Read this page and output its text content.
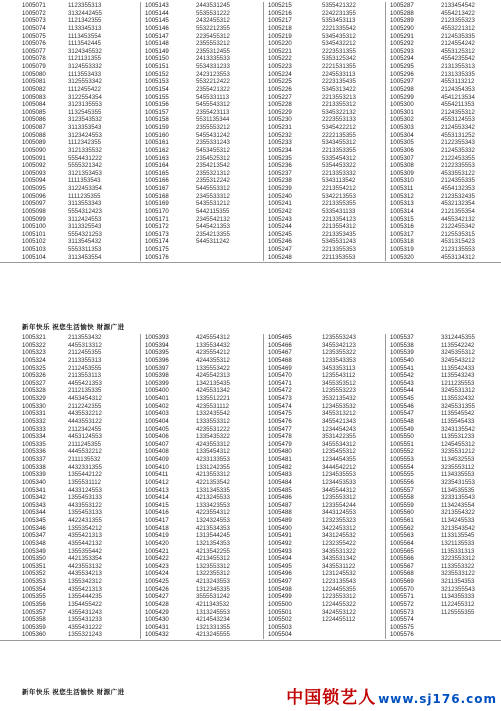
1005071	1123355313	1005143	2443531245	1005215	5355421322	1005287	2133454542
1005072	3132442455	1005144	5535531222	1005216	2242231355	1005288	4554213422
1005073	1121342355	1005145	2432455312	1005217	5353453113	1005289	2123355323
1005074	1133345313	1005146	5532212355	1005218	2221335542	1005290	4553221312
1005075	1113453554	1005147	2235455312	1005219	5345435312	1005291	2124535335
1005076	1113542445	1005148	2355553212	1005220	5345432212	1005292	2124554242
1005077	3124345532	1005149	2355312455	1005221	2223531355	1005293	4553125312
1005078	1121131355	1005150	2413335533	1005222	5353125342	1005294	4554235542
1005079	3124553332	1005151	5534331233	1005223	2221531355	1005295	2131355313
1005080	1113553433	1005152	2423123553	1005224	2245533113	1005296	2131335335
1005081	3125553342	1005153	5532212422	1005225	2223135435	1005297	4553113212
1005082	1112455422	1005154	2355421322	1005226	5345313422	1005298	2124354353
1005083	3122554354	1005155	5455331113	1005227	2213553213	1005299	4541213534
1005084	3123135553	1005156	5455543312	1005228	2213355312	1005300	4554211353
1005085	1132545355	1005157	2355423113	1005229	5345322132	1005301	2124355312
1005086	3123543532	1005158	5531135344	1005230	2223553133	1005302	4553124553
1005087	3113353543	1005159	2355553212	1005231	5345422212	1005303	2124553342
1005088	3123424553	1005160	5455431242	1005232	2222135355	1005304	4553131252
1005089	1112342355	1005161	2355331243	1005233	5343455312	1005305	2122355343
1005090	3121335532	1005162	5453455312	1005234	2213353355	1005306	2124535332
1005091	5554431222	1005163	2354525312	1005235	5335454312	1005307	2122453355
1005092	5555321342	1005164	2354213542	1005236	5354453322	1005308	2122335553
1005093	3121353453	1005165	2355321312	1005237	2213353332	1005309	4533553122
1005094	1111353543	1005166	2355312242	1005238	5343113542	1005310	2124355335
1005095	3122453354	1005167	5445553312	1005239	2213554212	1005311	4554132353
1005096	1111235355	1005168	2345533312	1005240	5342213553	1005312	2123532435
1005097	3113553343	1005169	5435531212	1005241	2213355355	1005313	4532132354
1005098	5554312423	1005170	5442115355	1005242	5335431133	1005314	2121355354
1005099	3112424553	1005171	2345542132	1005243	2213354123	1005315	4455342132
1005100	3113325543	1005172	5445421353	1005244	2213554312	1005316	2122455342
1005101	5554321253	1005173	2354213355	1005245	2213353435	1005317	2125535315
1005102	3113545432	1005174	5445311242	1005246	5345531243	1005318	4531315423
1005103	5553311353	1005175		1005247	2213355353	1005319	2123135553
1005104	3113453554	1005176		1005248	2211353553	1005320	4553134312
新年快乐 祝您生活愉快 财源广进
1005321	2113553432	1005393	4245554312	1005465	1235553243	1005537	3312445355
1005322	4455313312	1005394	1335534432	1005466	3455342123	1005538	1135542242
1005323	2112455355	1005395	4235554212	1005467	1235355322	1005539	3245355312
1005324	2113355313	1005396	4244355312	1005468	1233543353	1005540	3245543212
1005325	2112453555	1005397	1335553422	1005469	3453353113	1005541	1135542433
1005326	2113553113	1005398	4245542313	1005470	1235543112	1005542	1135543243
1005327	4455421353	1005399	1342135435	1005471	3455353512	1005543	1211235553
1005328	2112135335	1005400	4245531342	1005472	1235553223	1005544	3245531312
1005329	4453454312	1005401	1335512221	1005473	3532135432	1005545	1135532432
1005330	2112242355	1005402	4235531112	1005474	1234553532	1005546	3245531355
1005331	4435532212	1005403	1332435542	1005475	3455313212	1005547	1135545542
1005332	4443553122	1005404	1333553312	1005476	3455421343	1005548	1135545433
1005333	2112342455	1005405	4235531222	1005477	1234454243	1005549	3243135542
1005334	4453124553	1005406	1335435322	1005478	3531422355	1005550	1135531233
1005335	2111245355	1005407	4243553312	1005479	3455534312	1005551	1245455312
1005336	4445532212	1005408	1335454312	1005480	1235455312	1005552	3235531212
1005337	2111135532	1005409	4233133553	1005481	1234454355	1005553	1134532553
1005338	4432331355	1005410	1331242355	1005482	3444542212	1005554	3235553112
1005339	1355442122	1005411	4213553312	1005483	1234535553	1005555	1134335553
1005340	1355531112	1005412	4221353542	1005484	1234453533	1005556	3235431553
1005341	4433124553	1005413	1331345335	1005485	3445544312	1005557	1134535535
1005342	1355453133	1005414	4213245533	1005486	1235553312	1005558	3233135543
1005343	4433553122	1005415	1333423553	1005487	1233554244	1005559	1134243554
1005344	1355453133	1005416	4223554312	1005488	3443124553	1005560	3213554322
1005345	4422431355	1005417	1324324553	1005489	1232355323	1005561	1134245533
1005346	1355354212	1005418	4213534353	1005490	3422453312	1005562	3213543542
1005347	4355421313	1005419	1313544245	1005491	3431245532	1005563	1133135545
1005348	4355442132	1005420	1321354353	1005492	1232355422	1005564	1321135533
1005349	1355355442	1005421	4213542255	1005493	3435531322	1005565	1135331313
1005350	4421353354	1005422	4213455312	1005494	3435531342	1005566	3223553312
1005351	4423553132	1005423	1323553312	1005495	3435531122	1005567	1133553322
1005352	4435534213	1005424	1322355312	1005496	1231245532	1005568	3235533122
1005353	1355342312	1005425	4213243553	1005497	1223135543	1005569	3211354353
1005354	4355421313	1005426	1312345335	1005498	1224455355	1005570	3212355543
1005355	1355444235	1005427	3555531242	1005499	1223553312	1005571	1134355333
1005356	1354455422	1005428	4211343532	1005500	1224455322	1005572	1122455312
1005357	4355431243	1005429	1313245553	1005501	3424553122	1005573	1125555355
1005358	1355431233	1005430	4214543234	1005502	1224455112	1005574	
1005359	4355431222	1005431	1321331355	1005503		1005575	
1005360	1355321243	1005432	4213245555	1005504		1005576	
新年快乐 祝您生活愉快 财源广进	中国锁艺人 www.sj176.com
